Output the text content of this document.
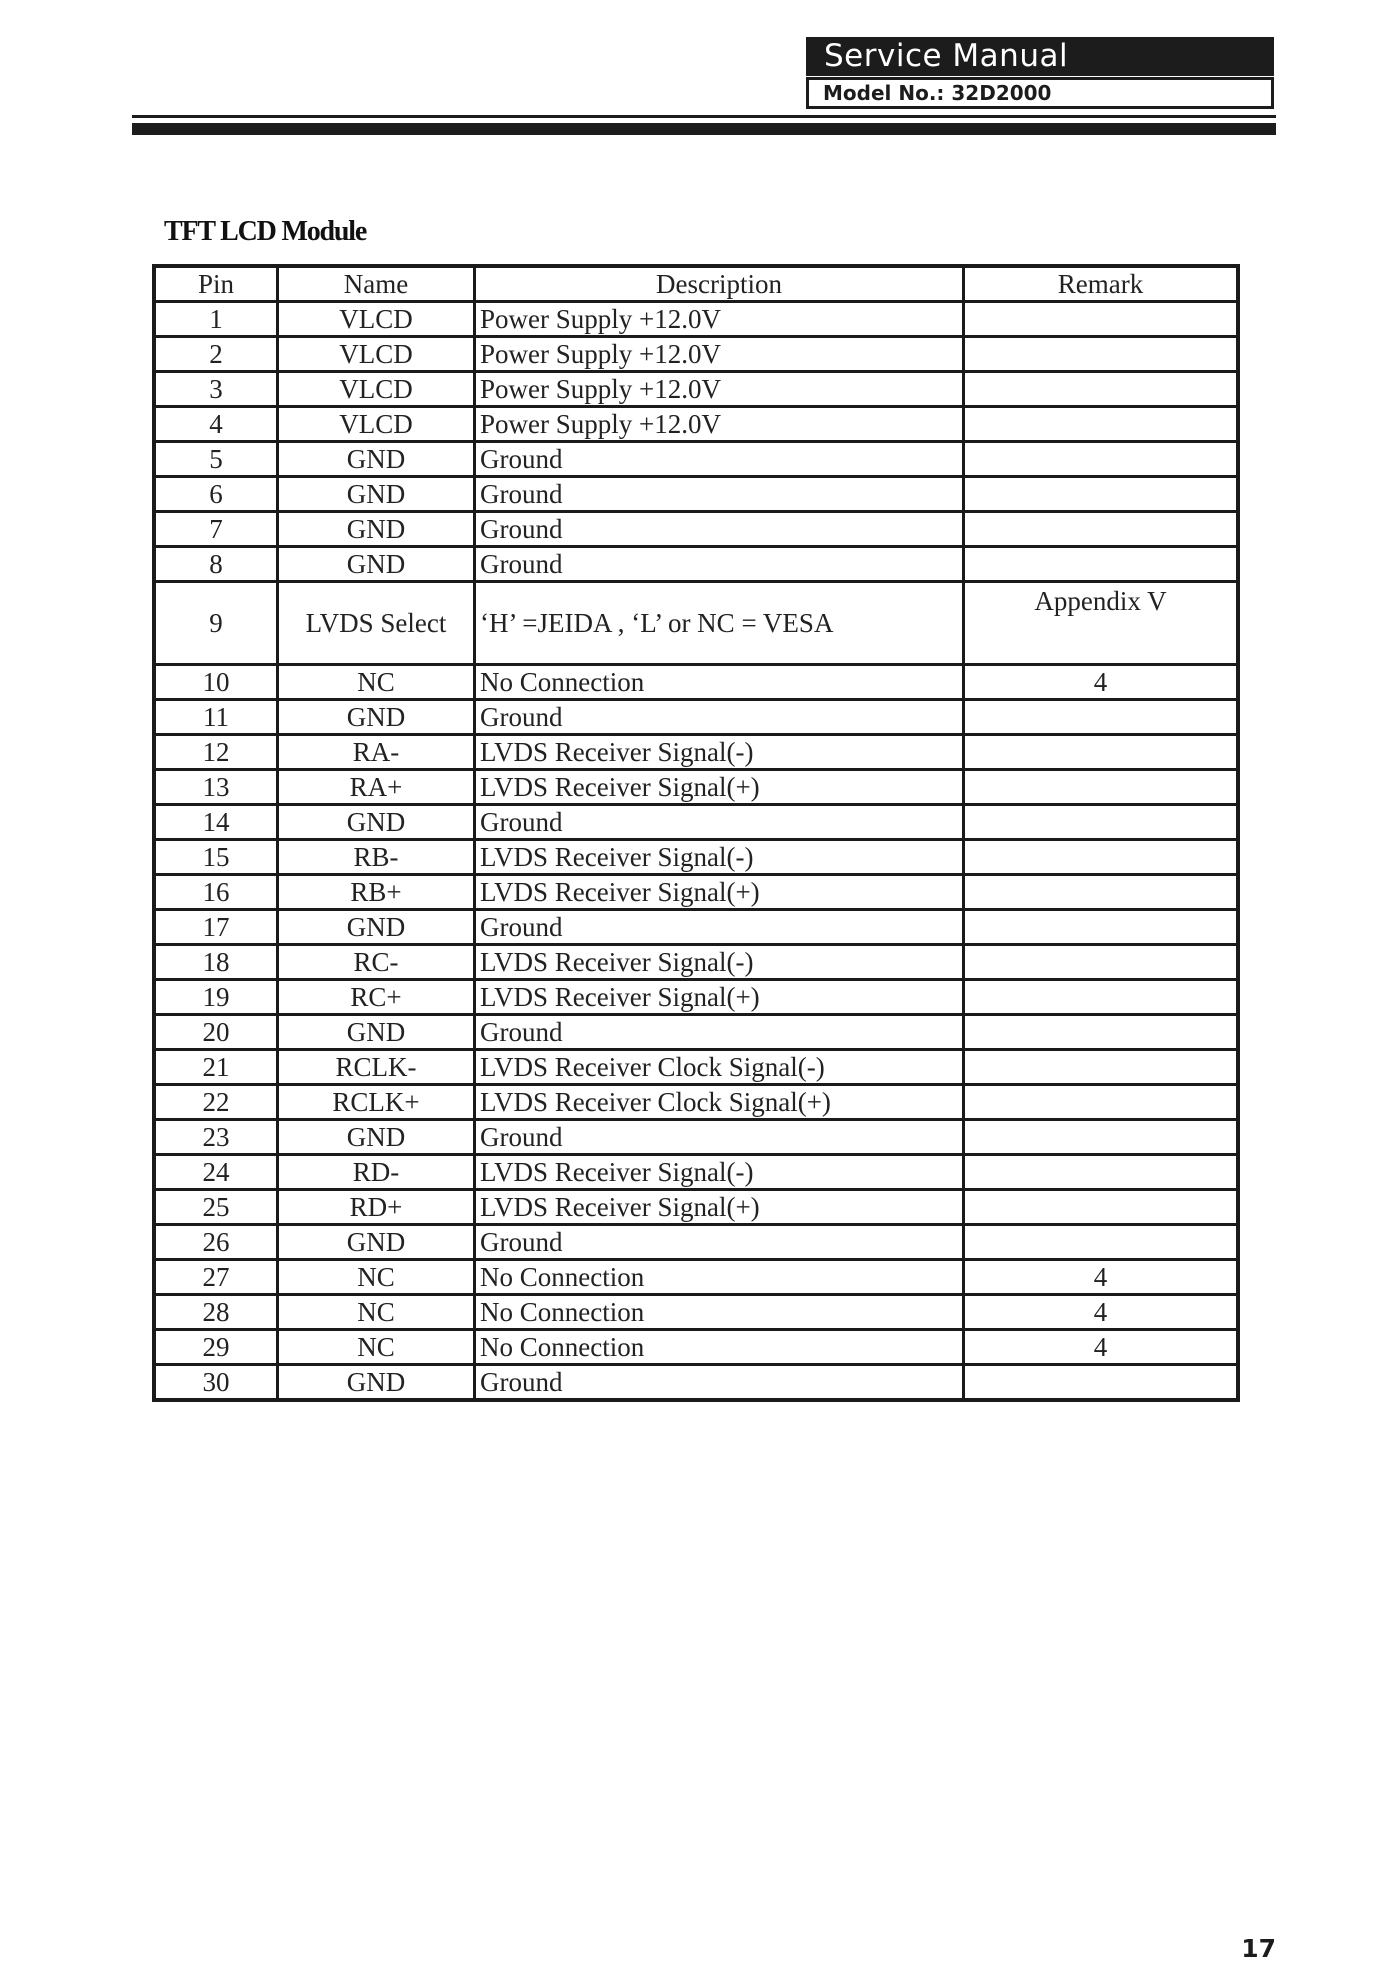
Service Manual
Model No.: 32D2000
TFT LCD Module
Pin	Name	Description	Remark
1	VLCD	Power Supply +12.0V	
2	VLCD	Power Supply +12.0V	
3	VLCD	Power Supply +12.0V	
4	VLCD	Power Supply +12.0V	
5	GND	Ground	
6	GND	Ground	
7	GND	Ground	
8	GND	Ground	
9	LVDS Select	‘H’ =JEIDA , ‘L’ or NC = VESA	Appendix V
10	NC	No Connection	4
11	GND	Ground	
12	RA-	LVDS Receiver Signal(-)	
13	RA+	LVDS Receiver Signal(+)	
14	GND	Ground	
15	RB-	LVDS Receiver Signal(-)	
16	RB+	LVDS Receiver Signal(+)	
17	GND	Ground	
18	RC-	LVDS Receiver Signal(-)	
19	RC+	LVDS Receiver Signal(+)	
20	GND	Ground	
21	RCLK-	LVDS Receiver Clock Signal(-)	
22	RCLK+	LVDS Receiver Clock Signal(+)	
23	GND	Ground	
24	RD-	LVDS Receiver Signal(-)	
25	RD+	LVDS Receiver Signal(+)	
26	GND	Ground	
27	NC	No Connection	4
28	NC	No Connection	4
29	NC	No Connection	4
30	GND	Ground	
17
